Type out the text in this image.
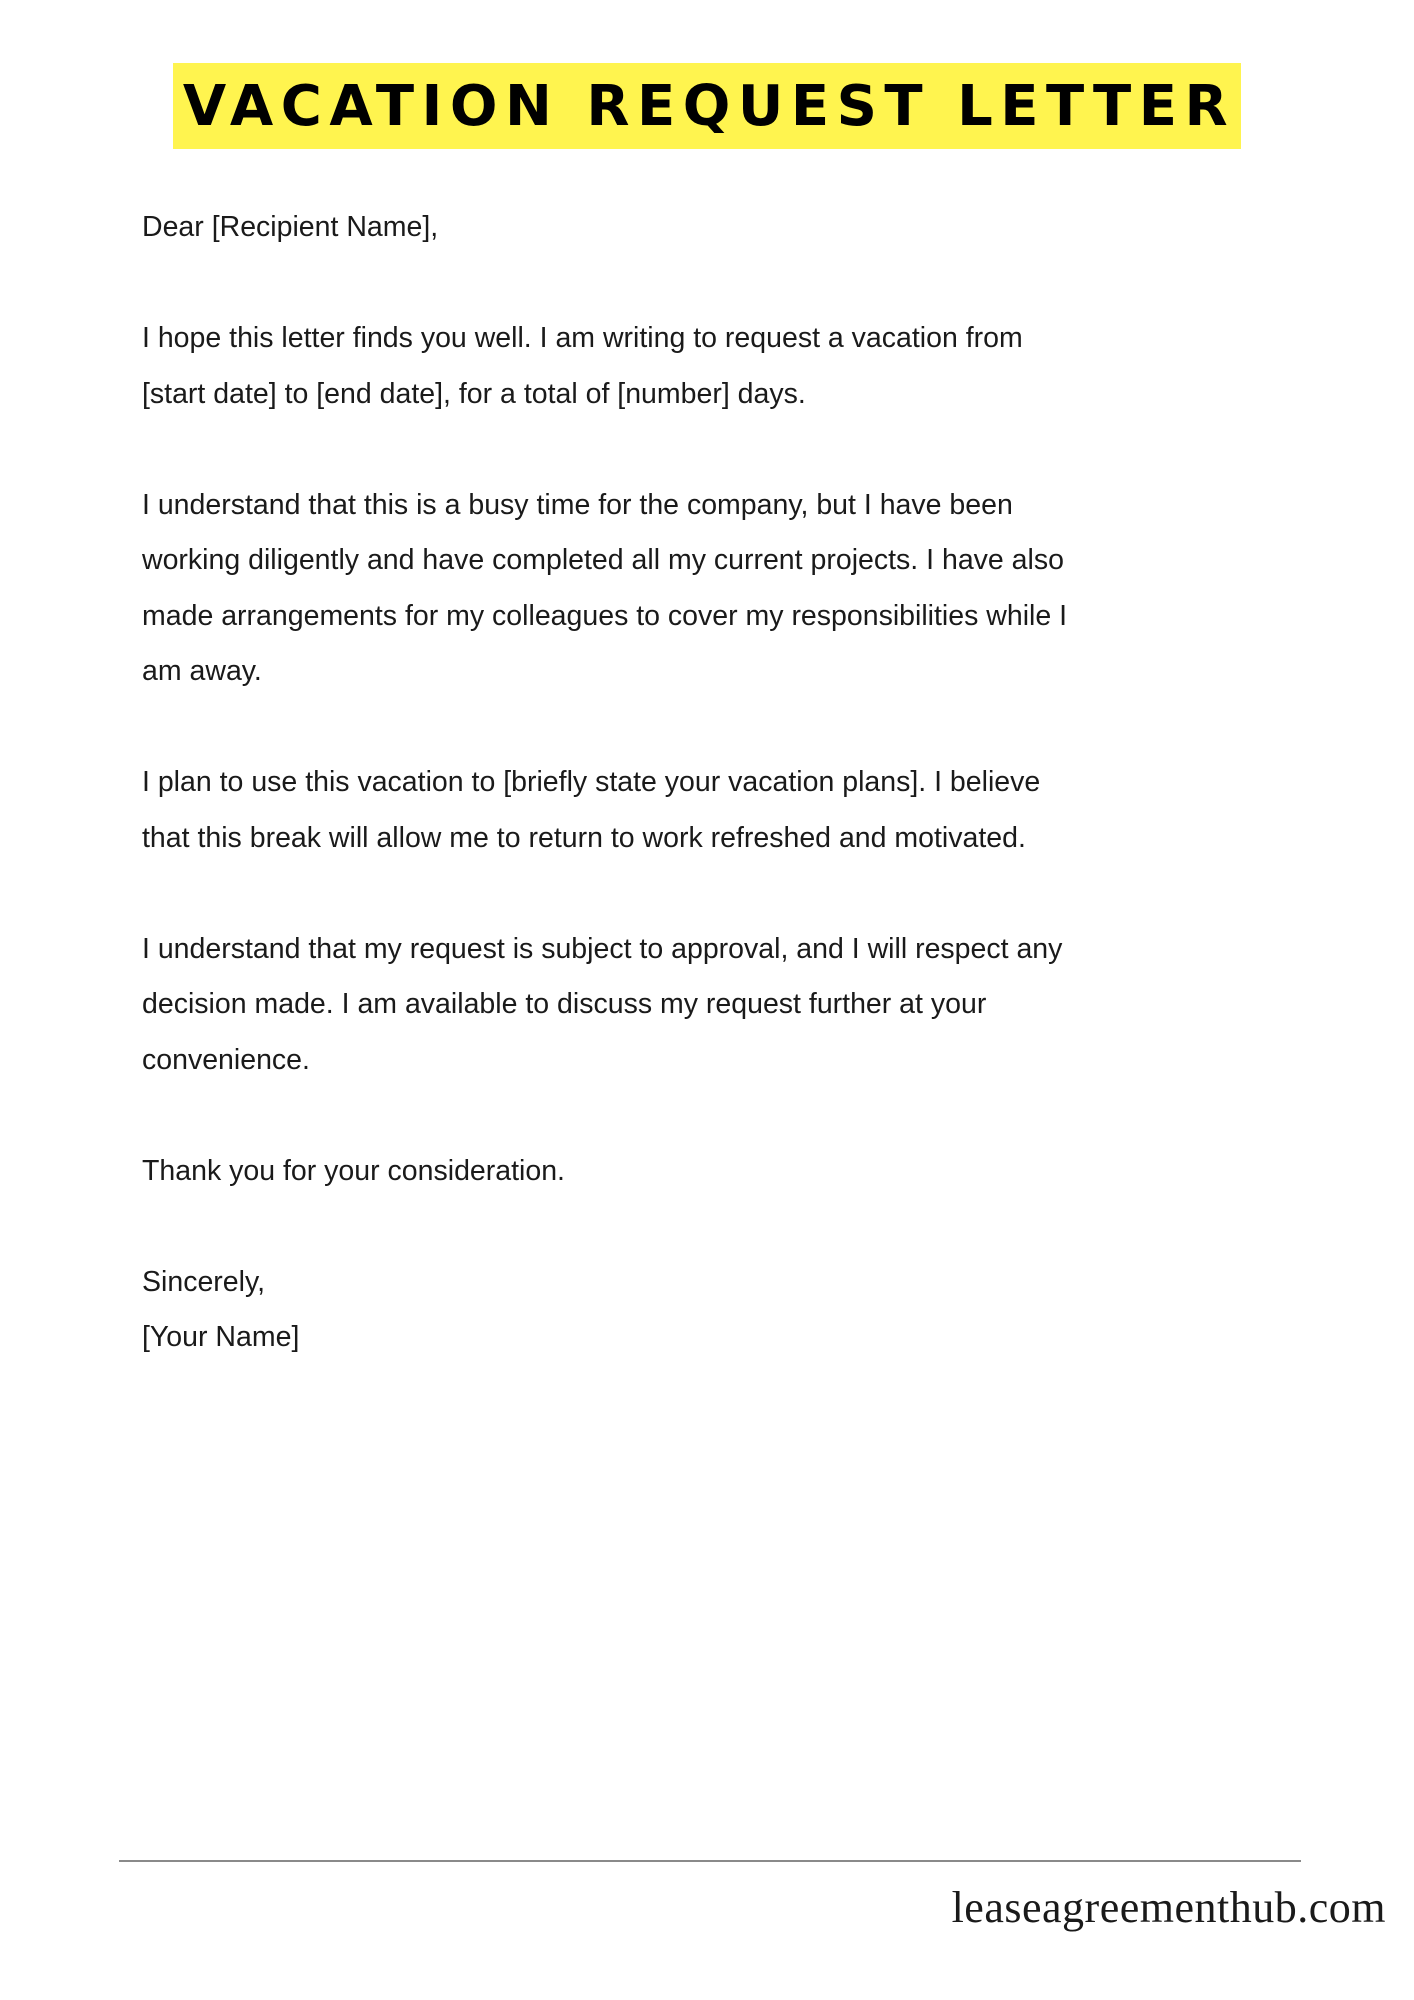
VACATION REQUEST LETTER

Dear [Recipient Name],

I hope this letter finds you well. I am writing to request a vacation from
[start date] to [end date], for a total of [number] days.

I understand that this is a busy time for the company, but I have been
working diligently and have completed all my current projects. I have also
made arrangements for my colleagues to cover my responsibilities while I
am away.

I plan to use this vacation to [briefly state your vacation plans]. I believe
that this break will allow me to return to work refreshed and motivated.

I understand that my request is subject to approval, and I will respect any
decision made. I am available to discuss my request further at your
convenience.

Thank you for your consideration.

Sincerely,
[Your Name]

leaseagreementhub.com
